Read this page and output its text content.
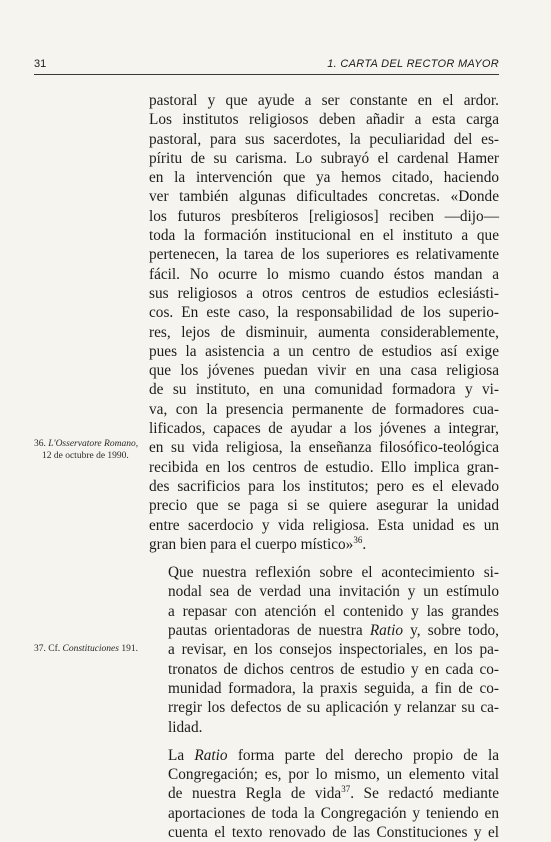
31	1. CARTA DEL RECTOR MAYOR

pastoral y que ayude a ser constante en el ardor.
Los institutos religiosos deben añadir a esta carga
pastoral, para sus sacerdotes, la peculiaridad del es-
píritu de su carisma. Lo subrayó el cardenal Hamer
en la intervención que ya hemos citado, haciendo
ver también algunas dificultades concretas. «Donde
los futuros presbíteros [religiosos] reciben —dijo—
toda la formación institucional en el instituto a que
pertenecen, la tarea de los superiores es relativamente
fácil. No ocurre lo mismo cuando éstos mandan a
sus religiosos a otros centros de estudios eclesiásti-
cos. En este caso, la responsabilidad de los superio-
res, lejos de disminuir, aumenta considerablemente,
pues la asistencia a un centro de estudios así exige
que los jóvenes puedan vivir en una casa religiosa
de su instituto, en una comunidad formadora y vi-
va, con la presencia permanente de formadores cua-
lificados, capaces de ayudar a los jóvenes a integrar,
en su vida religiosa, la enseñanza filosófico-teológica
recibida en los centros de estudio. Ello implica gran-
des sacrificios para los institutos; pero es el elevado
precio que se paga si se quiere asegurar la unidad
entre sacerdocio y vida religiosa. Esta unidad es un
gran bien para el cuerpo místico»$^{36}$.

Que nuestra reflexión sobre el acontecimiento si-
nodal sea de verdad una invitación y un estímulo
a repasar con atención el contenido y las grandes
pautas orientadoras de nuestra Ratio y, sobre todo,
a revisar, en los consejos inspectoriales, en los pa-
tronatos de dichos centros de estudio y en cada co-
munidad formadora, la praxis seguida, a fin de co-
rregir los defectos de su aplicación y relanzar su ca-
lidad.

La Ratio forma parte del derecho propio de la
Congregación; es, por lo mismo, un elemento vital
de nuestra Regla de vida$^{37}$. Se redactó mediante
aportaciones de toda la Congregación y teniendo en
cuenta el texto renovado de las Constituciones y el

36. L'Osservatore Romano,
12 de octubre de 1990.
37. Cf. Constituciones 191.
